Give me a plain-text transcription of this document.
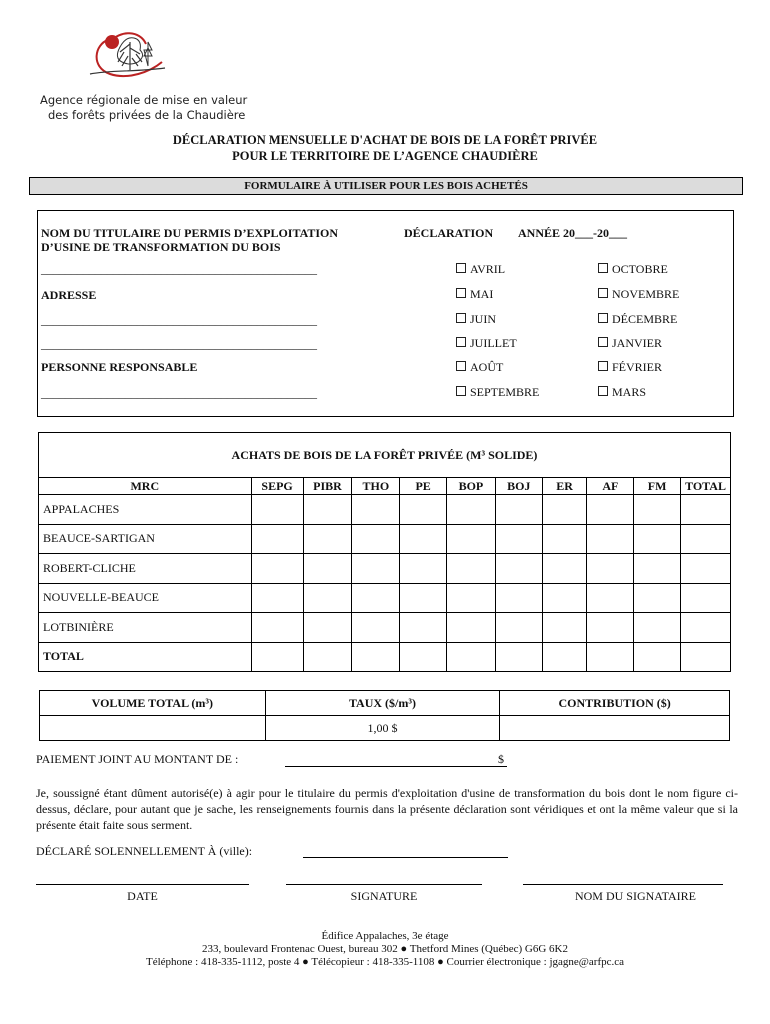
Agence régionale de mise en valeur
des forêts privées de la Chaudière
DÉCLARATION MENSUELLE D'ACHAT DE BOIS DE LA FORÊT PRIVÉE
POUR LE TERRITOIRE DE L’AGENCE CHAUDIÈRE
FORMULAIRE À UTILISER POUR LES BOIS ACHETÉS
NOM DU TITULAIRE DU PERMIS D’EXPLOITATION
D’USINE DE TRANSFORMATION DU BOIS
______________________________________________
ADRESSE
______________________________________________
______________________________________________
PERSONNE RESPONSABLE
______________________________________________
DÉCLARATION ANNÉE 20___-20___
AVRIL
MAI
JUIN
JUILLET
AOÛT
SEPTEMBRE
OCTOBRE
NOVEMBRE
DÉCEMBRE
JANVIER
FÉVRIER
MARS
ACHATS DE BOIS DE LA FORÊT PRIVÉE (M³ SOLIDE)										
MRC	SEPG	PIBR	THO	PE	BOP	BOJ	ER	AF	FM	TOTAL
APPALACHES										
BEAUCE-SARTIGAN										
ROBERT-CLICHE										
NOUVELLE-BEAUCE										
LOTBINIÈRE										
TOTAL										
VOLUME TOTAL (m³)	TAUX ($/m³)	CONTRIBUTION ($)
	1,00 $	
PAIEMENT JOINT AU MONTANT DE :	$
Je, soussigné étant dûment autorisé(e) à agir pour le titulaire du permis d'exploitation d'usine de transformation du bois dont le nom figure ci-dessus, déclare, pour autant que je sache, les renseignements fournis dans la présente déclaration sont véridiques et ont la même valeur que si la présente était faite sous serment.
DÉCLARÉ SOLENNELLEMENT À (ville):
DATE	SIGNATURE	NOM DU SIGNATAIRE
Édifice Appalaches, 3e étage
233, boulevard Frontenac Ouest, bureau 302 ● Thetford Mines (Québec) G6G 6K2
Téléphone : 418-335-1112, poste 4 ● Télécopieur : 418-335-1108 ● Courrier électronique : jgagne@arfpc.ca
